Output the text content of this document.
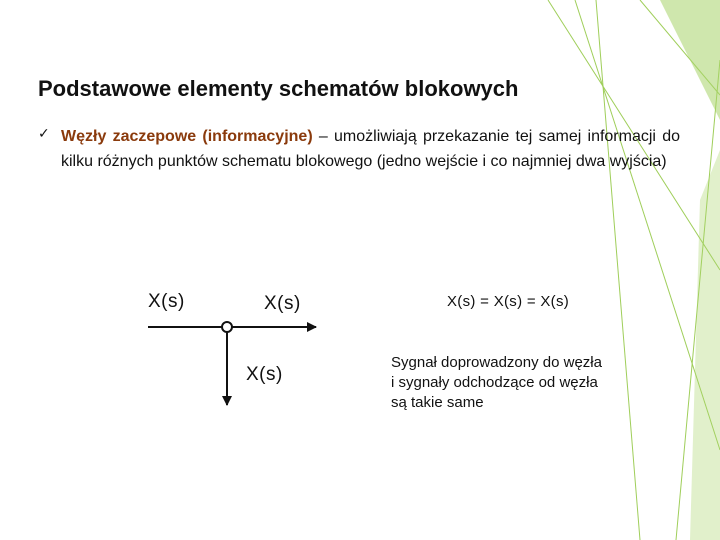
Podstawowe elementy schematów blokowych
✓ Węzły zaczepowe (informacyjne) – umożliwiają przekazanie tej samej informacji do kilku różnych punktów schematu blokowego (jedno wejście i co najmniej dwa wyjścia)
X(s)	X(s)
X(s)
X(s) = X(s) = X(s)
Sygnał doprowadzony do węzła
i sygnały odchodzące od węzła
są takie same
